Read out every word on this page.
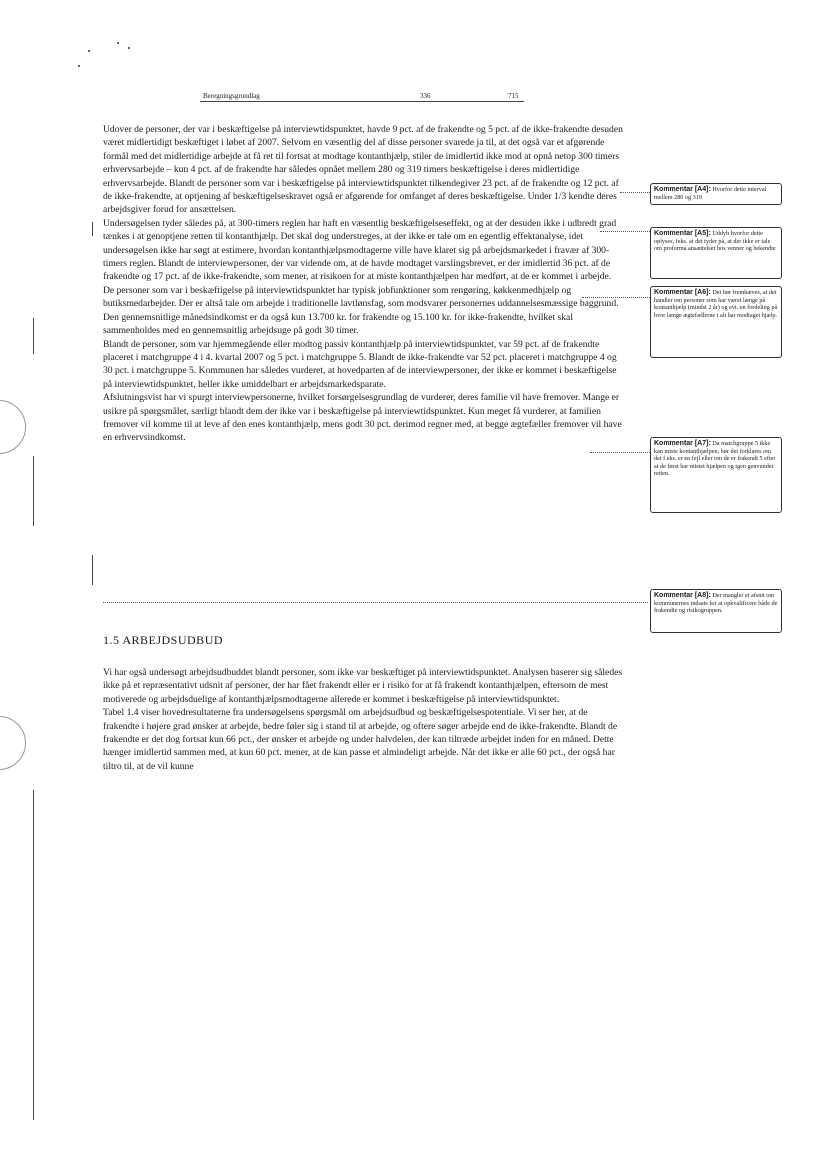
Beregningsgrundlag	336	715

Udover de personer, der var i beskæftigelse på interviewtidspunktet, havde 9 pct. af de frakendte og 5 pct. af de ikke-frakendte desuden været midlertidigt beskæftiget i løbet af 2007. Selvom en væsentlig del af disse personer svarede ja til, at det også var et afgørende formål med det midlertidige arbejde at få ret til fortsat at modtage kontanthjælp, stiler de imidlertid ikke mod at opnå netop 300 timers erhvervsarbejde – kun 4 pct. af de frakendte har således opnået mellem 280 og 319 timers beskæftigelse i deres midlertidige erhvervsarbejde. Blandt de personer som var i beskæftigelse på interviewtidspunktet tilkendegiver 23 pct. af de frakendte og 12 pct. af de ikke-frakendte, at optjening af beskæftigelseskravet også er afgørende for omfanget af deres beskæftigelse. Under 1/3 kendte deres arbejdsgiver forud for ansættelsen.

Undersøgelsen tyder således på, at 300-timers reglen har haft en væsentlig beskæftigelseseffekt, og at der desuden ikke i udbredt grad tænkes i at genoptjene retten til kontanthjælp. Det skal dog understreges, at der ikke er tale om en egentlig effektanalyse, idet undersøgelsen ikke har søgt at estimere, hvordan kontanthjælpsmodtagerne ville have klaret sig på arbejdsmarkedet i fravær af 300-timers reglen. Blandt de interviewpersoner, der var vidende om, at de havde modtaget varslingsbrevet, er der imidlertid 36 pct. af de frakendte og 17 pct. af de ikke-frakendte, som mener, at risikoen for at miste kontanthjælpen har medført, at de er kommet i arbejde.

De personer som var i beskæftigelse på interviewtidspunktet har typisk jobfunktioner som rengøring, køkkenmedhjælp og butiksmedarbejder. Der er altså tale om arbejde i traditionelle lavtlønsfag, som modsvarer personernes uddannelsesmæssige baggrund. Den gennemsnitlige månedsindkomst er da også kun 13.700 kr. for frakendte og 15.100 kr. for ikke-frakendte, hvilket skal sammenholdes med en gennemsnitlig arbejdsuge på godt 30 timer.

Blandt de personer, som var hjemmegående eller modtog passiv kontanthjælp på interviewtidspunktet, var 59 pct. af de frakendte placeret i matchgruppe 4 i 4. kvartal 2007 og 5 pct. i matchgruppe 5. Blandt de ikke-frakendte var 52 pct. placeret i matchgruppe 4 og 30 pct. i matchgruppe 5. Kommunen har således vurderet, at hovedparten af de interviewpersoner, der ikke er kommet i beskæftigelse på interviewtidspunktet, heller ikke umiddelbart er arbejdsmarkedsparate.

Afslutningsvist har vi spurgt interviewpersonerne, hvilket forsørgelsesgrundlag de vurderer, deres familie vil have fremover. Mange er usikre på spørgsmålet, særligt blandt dem der ikke var i beskæftigelse på interviewtidspunktet. Kun meget få vurderer, at familien fremover vil komme til at leve af den enes kontanthjælp, mens godt 30 pct. derimod regner med, at begge ægtefæller fremover vil have en erhvervsindkomst.

1.5 ARBEJDSUDBUD

Vi har også undersøgt arbejdsudbuddet blandt personer, som ikke var beskæftiget på interviewtidspunktet. Analysen baserer sig således ikke på et repræsentativt udsnit af personer, der har fået frakendt eller er i risiko for at få frakendt kontanthjælpen, eftersom de mest motiverede og arbejdsduelige af kontanthjælpsmodtagerne allerede er kommet i beskæftigelse på interviewtidspunktet.

Tabel 1.4 viser hovedresultaterne fra undersøgelsens spørgsmål om arbejdsudbud og beskæftigelsespotentiale. Vi ser her, at de frakendte i højere grad ønsker at arbejde, bedre føler sig i stand til at arbejde, og oftere søger arbejde end de ikke-frakendte. Blandt de frakendte er det dog fortsat kun 66 pct., der ønsker et arbejde og under halvdelen, der kan tiltræde arbejdet inden for en måned. Dette hænger imidlertid sammen med, at kun 60 pct. mener, at de kan passe et almindeligt arbejde. Når det ikke er alle 60 pct., der også har tiltro til, at de vil kunne

Kommentar [A4]: Hvorfor dette interval mellem 280 og 319
Kommentar [A5]: Uddyb hvorfor dette oplyses, feks. at det tyder på, at der ikke er tale om proforma ansættelser hos venner og bekendte
Kommentar [A6]: Det bør fremhæves, at det handler om personer som har været længe på kontanthjælp (mindst 2 år) og evt. en fordeling på hvor længe ægtefællerne i alt har modtaget hjælp.
Kommentar [A7]: Da matchgruppe 5 ikke kan miste kontanthjælpen, bør det forklares om det f.eks. er en fejl eller om de er frakendt 5 efter at de først har mistet hjælpen og igen genvundet retten.
Kommentar [A8]: Der mangler et afsnit om kommunernes indsats for at opkvalificere både de frakendte og risikogruppen.
